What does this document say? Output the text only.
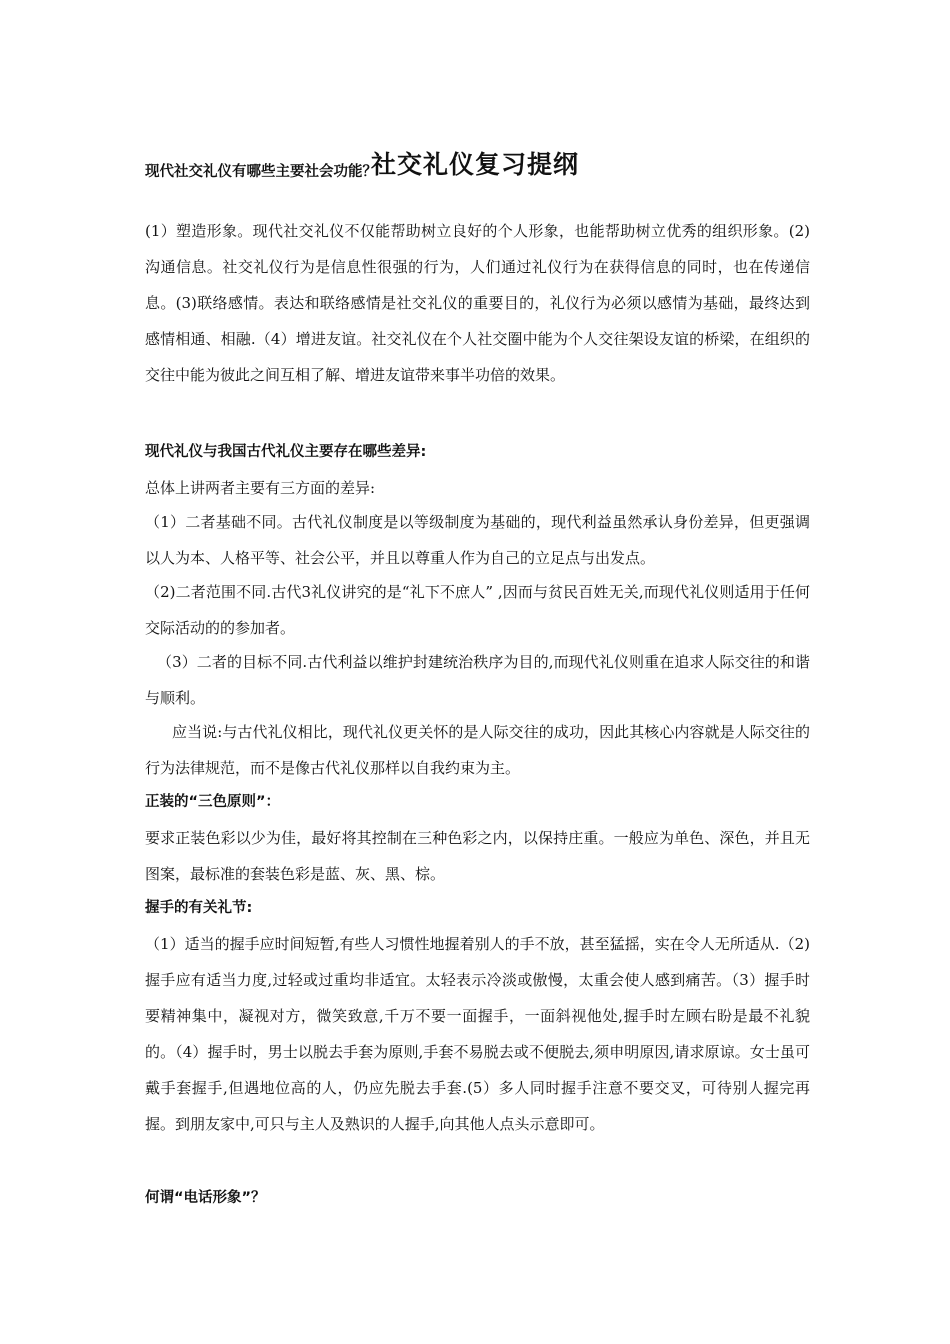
社交礼仪复习提纲
现代社交礼仪有哪些主要社会功能？

(1）塑造形象。现代社交礼仪不仅能帮助树立良好的个人形象，也能帮助树立优秀的组织形象。(2)沟通信息。社交礼仪行为是信息性很强的行为，人们通过礼仪行为在获得信息的同时，也在传递信息。(3)联络感情。表达和联络感情是社交礼仪的重要目的，礼仪行为必须以感情为基础，最终达到感情相通、相融.（4）增进友谊。社交礼仪在个人社交圈中能为个人交往架设友谊的桥梁，在组织的交往中能为彼此之间互相了解、增进友谊带来事半功倍的效果。

现代礼仪与我国古代礼仪主要存在哪些差异:

总体上讲两者主要有三方面的差异:

（1）二者基础不同。古代礼仪制度是以等级制度为基础的，现代利益虽然承认身份差异，但更强调以人为本、人格平等、社会公平，并且以尊重人作为自己的立足点与出发点。

（2)二者范围不同.古代3礼仪讲究的是“礼下不庶人” ,因而与贫民百姓无关,而现代礼仪则适用于任何交际活动的的参加者。

（3）二者的目标不同.古代利益以维护封建统治秩序为目的,而现代礼仪则重在追求人际交往的和谐与顺利。

应当说:与古代礼仪相比，现代礼仪更关怀的是人际交往的成功，因此其核心内容就是人际交往的行为法律规范，而不是像古代礼仪那样以自我约束为主。

正装的“三色原则”：

要求正装色彩以少为佳，最好将其控制在三种色彩之内，以保持庄重。一般应为单色、深色，并且无图案，最标准的套装色彩是蓝、灰、黑、棕。

握手的有关礼节:

（1）适当的握手应时间短暂,有些人习惯性地握着别人的手不放，甚至猛摇，实在令人无所适从.（2)握手应有适当力度,过轻或过重均非适宜。太轻表示冷淡或傲慢，太重会使人感到痛苦。（3）握手时要精神集中，凝视对方，微笑致意,千万不要一面握手，一面斜视他处,握手时左顾右盼是最不礼貌的。（4）握手时，男士以脱去手套为原则,手套不易脱去或不便脱去,须申明原因,请求原谅。女士虽可戴手套握手,但遇地位高的人，仍应先脱去手套.(5）多人同时握手注意不要交叉，可待别人握完再握。到朋友家中,可只与主人及熟识的人握手,向其他人点头示意即可。

何谓“电话形象”？
